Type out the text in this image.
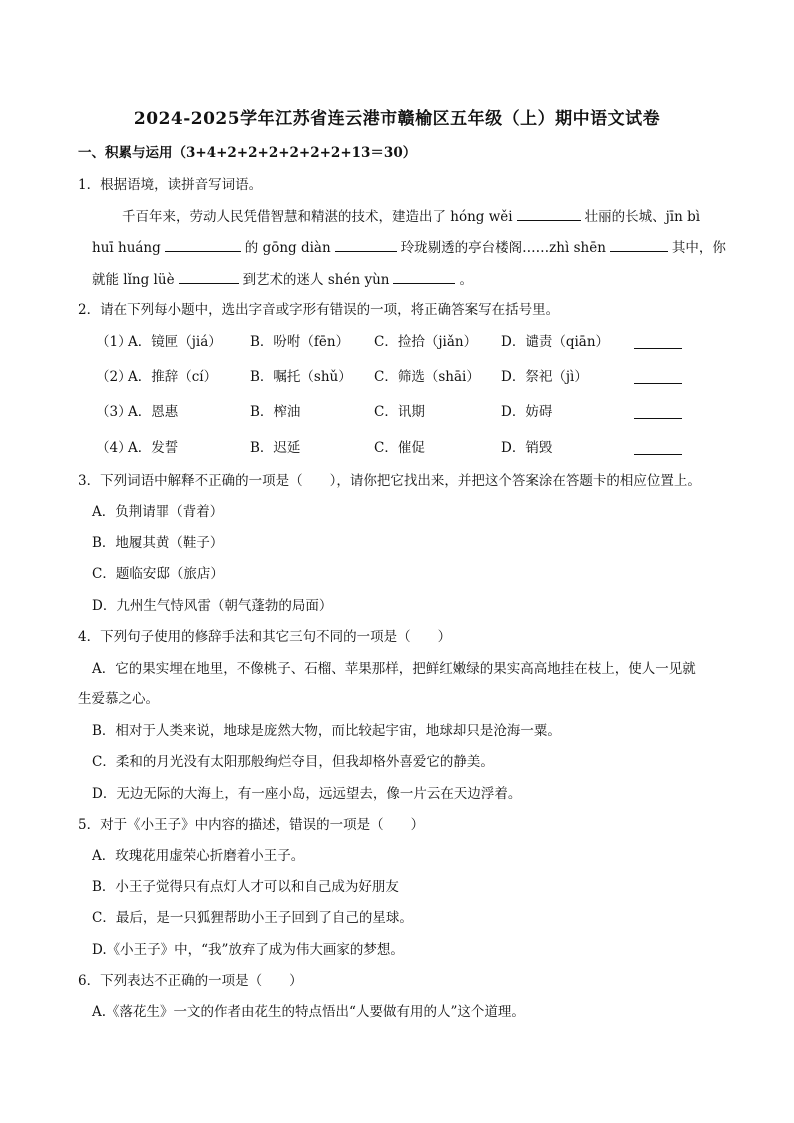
2024-2025学年江苏省连云港市赣榆区五年级（上）期中语文试卷
一、积累与运用（3+4+2+2+2+2+2+2+13＝30）
1．根据语境，读拼音写词语。
千百年来，劳动人民凭借智慧和精湛的技术，建造出了 hóng wěi	壮丽的长城、jīn bì
huī huáng	的 gōng diàn	玲珑剔透的亭台楼阁……zhì shēn	其中，你
就能 lǐng lüè	到艺术的迷人 shén yùn	。
2．请在下列每小题中，选出字音或字形有错误的一项，将正确答案写在括号里。
（1）
A．镜匣（jiá） B．吩咐（fēn） C．捡拾（jiǎn） D．谴责（qiān）
（2）
A．推辞（cí） B．嘱托（shǔ） C．筛选（shāi） D．祭祀（jì）
（3）
A．恩惠	B．榨油	C．讯期	D．妨碍
（4）
A．发誓	B．迟延	C．催促	D．销毁
3．下列词语中解释不正确的一项是（　　），请你把它找出来，并把这个答案涂在答题卡的相应位置上。
A．负荆请罪（背着）
B．地履其黄（鞋子）
C．题临安邸（旅店）
D．九州生气恃风雷（朝气蓬勃的局面）
4．下列句子使用的修辞手法和其它三句不同的一项是（　　）
A．它的果实埋在地里，不像桃子、石榴、苹果那样，把鲜红嫩绿的果实高高地挂在枝上，使人一见就
生爱慕之心。
B．相对于人类来说，地球是庞然大物，而比较起宇宙，地球却只是沧海一粟。
C．柔和的月光没有太阳那般绚烂夺目，但我却格外喜爱它的静美。
D．无边无际的大海上，有一座小岛，远远望去，像一片云在天边浮着。
5．对于《小王子》中内容的描述，错误的一项是（　　）
A．玫瑰花用虚荣心折磨着小王子。
B．小王子觉得只有点灯人才可以和自己成为好朋友
C．最后，是一只狐狸帮助小王子回到了自己的星球。
D.《小王子》中，“我”放弃了成为伟大画家的梦想。
6．下列表达不正确的一项是（　　）
A.《落花生》一文的作者由花生的特点悟出“人要做有用的人”这个道理。
